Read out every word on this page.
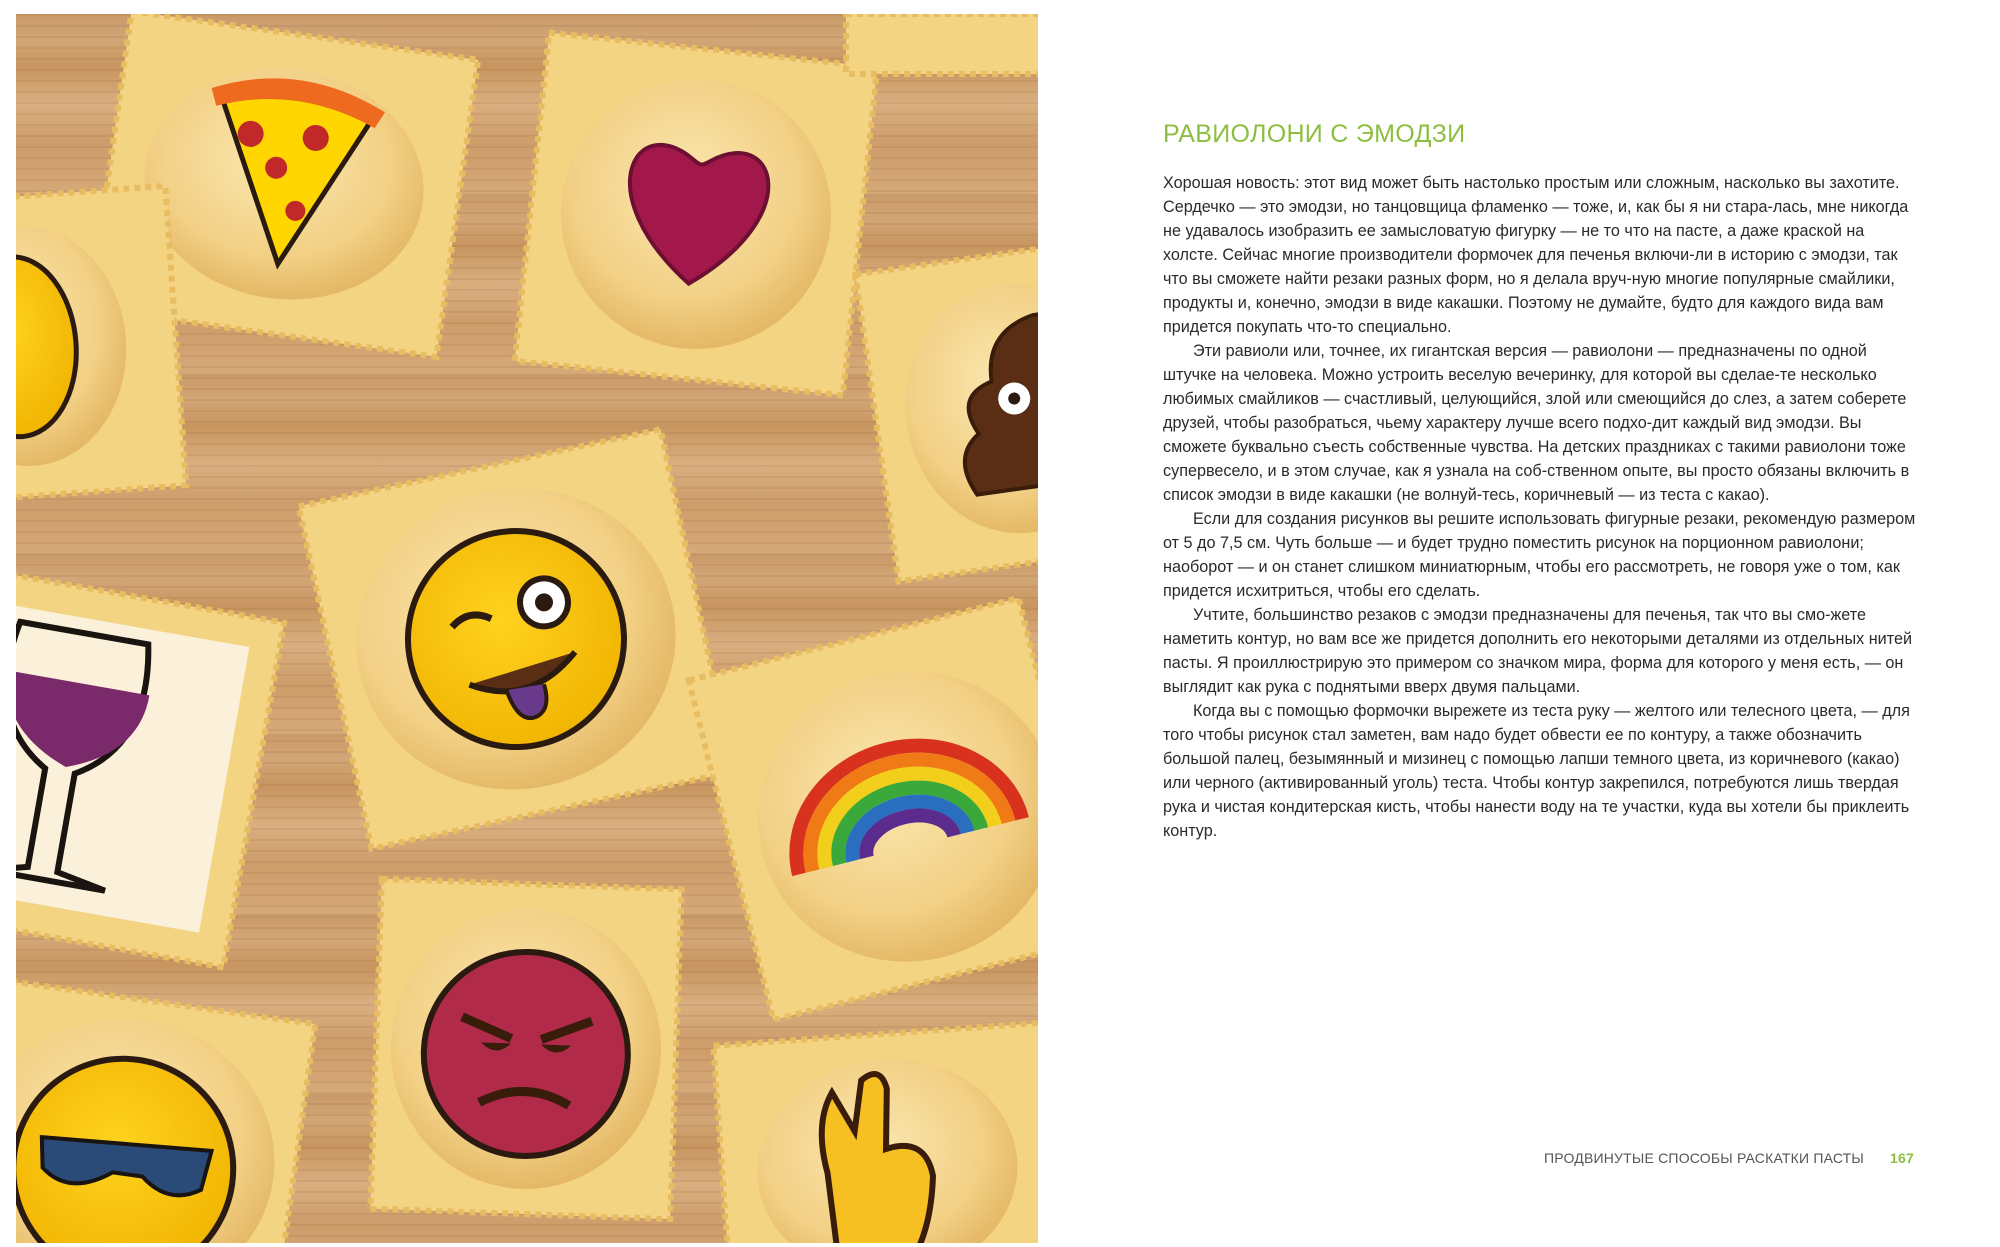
РАВИОЛОНИ С ЭМОДЗИ

Хорошая новость: этот вид может быть настолько простым или сложным, насколько вы захотите. Сердечко — это эмодзи, но танцовщица фламенко — тоже, и, как бы я ни стара-лась, мне никогда не удавалось изобразить ее замысловатую фигурку — не то что на пасте, а даже краской на холсте. Сейчас многие производители формочек для печенья включи-ли в историю с эмодзи, так что вы сможете найти резаки разных форм, но я делала вруч-ную многие популярные смайлики, продукты и, конечно, эмодзи в виде какашки. Поэтому не думайте, будто для каждого вида вам придется покупать что-то специально.

Эти равиоли или, точнее, их гигантская версия — равиолони — предназначены по одной штучке на человека. Можно устроить веселую вечеринку, для которой вы сделае-те несколько любимых смайликов — счастливый, целующийся, злой или смеющийся до слез, а затем соберете друзей, чтобы разобраться, чьему характеру лучше всего подхо-дит каждый вид эмодзи. Вы сможете буквально съесть собственные чувства. На детских праздниках с такими равиолони тоже супервесело, и в этом случае, как я узнала на соб-ственном опыте, вы просто обязаны включить в список эмодзи в виде какашки (не волнуй-тесь, коричневый — из теста с какао).

Если для создания рисунков вы решите использовать фигурные резаки, рекомендую размером от 5 до 7,5 см. Чуть больше — и будет трудно поместить рисунок на порционном равиолони; наоборот — и он станет слишком миниатюрным, чтобы его рассмотреть, не говоря уже о том, как придется исхитриться, чтобы его сделать.

Учтите, большинство резаков с эмодзи предназначены для печенья, так что вы смо-жете наметить контур, но вам все же придется дополнить его некоторыми деталями из отдельных нитей пасты. Я проиллюстрирую это примером со значком мира, форма для которого у меня есть, — он выглядит как рука с поднятыми вверх двумя пальцами.

Когда вы с помощью формочки вырежете из теста руку — желтого или телесного цвета, — для того чтобы рисунок стал заметен, вам надо будет обвести ее по контуру, а также обозначить большой палец, безымянный и мизинец с помощью лапши темного цвета, из коричневого (какао) или черного (активированный уголь) теста. Чтобы контур закрепился, потребуются лишь твердая рука и чистая кондитерская кисть, чтобы нанести воду на те участки, куда вы хотели бы приклеить контур.

ПРОДВИНУТЫЕ СПОСОБЫ РАСКАТКИ ПАСТЫ 167
